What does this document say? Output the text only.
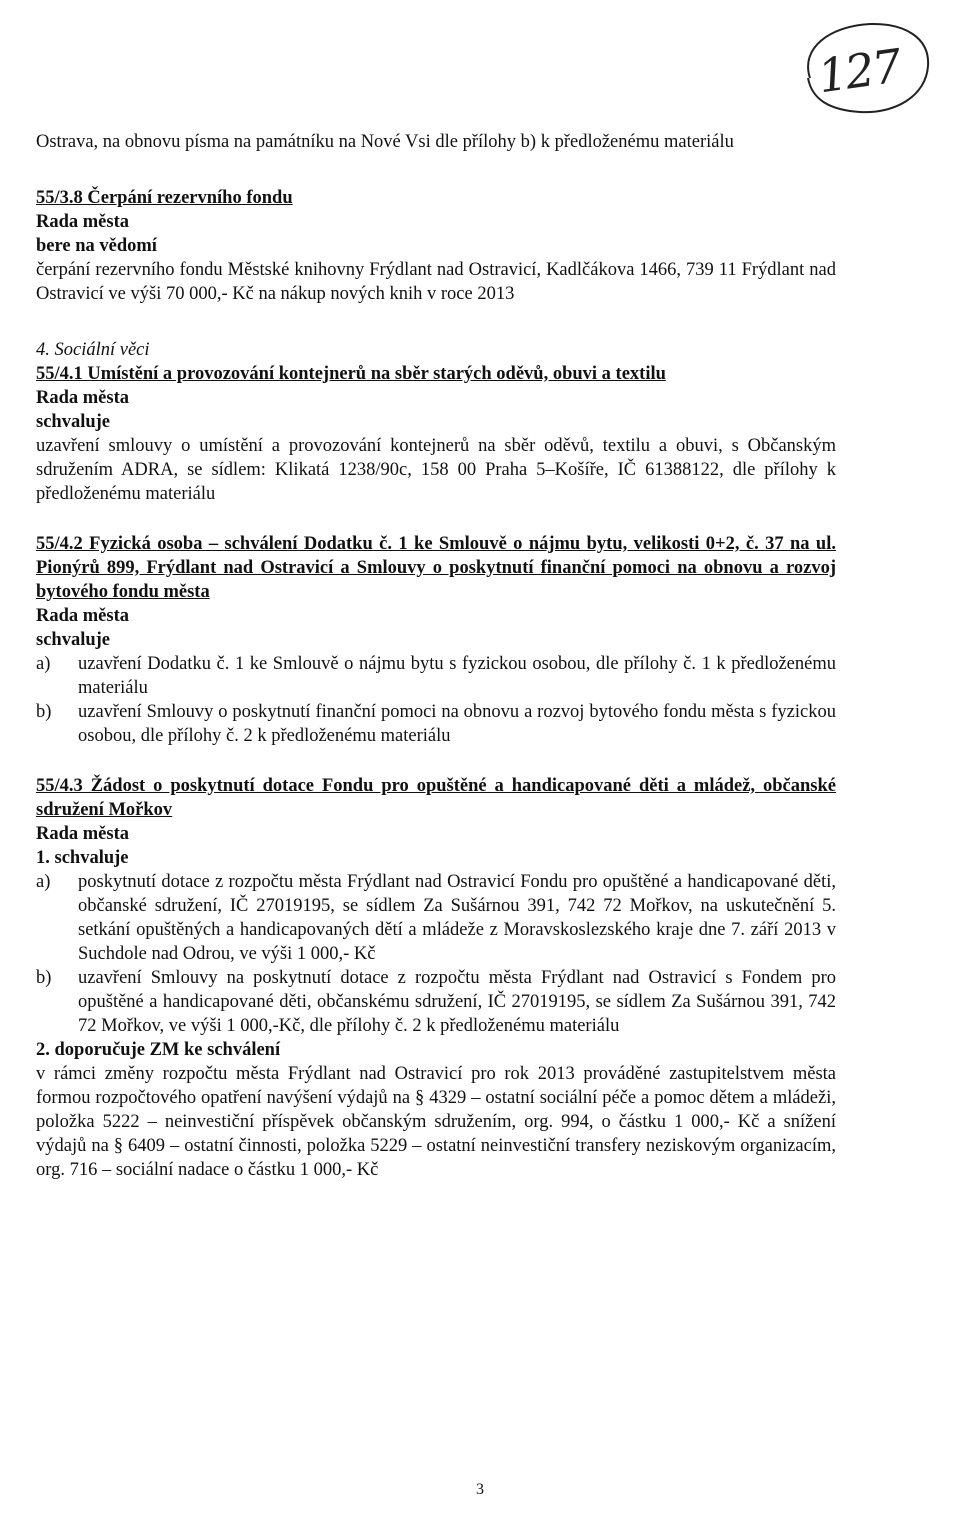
127

Ostrava, na obnovu písma na památníku na Nové Vsi dle přílohy b) k předloženému materiálu

55/3.8 Čerpání rezervního fondu

Rada města

bere na vědomí

čerpání rezervního fondu Městské knihovny Frýdlant nad Ostravicí, Kadlčákova 1466, 739 11 Frýdlant nad Ostravicí ve výši 70 000,- Kč na nákup nových knih v roce 2013

4. Sociální věci

55/4.1 Umístění a provozování kontejnerů na sběr starých oděvů, obuvi a textilu

Rada města

schvaluje

uzavření smlouvy o umístění a provozování kontejnerů na sběr oděvů, textilu a obuvi, s Občanským sdružením ADRA, se sídlem: Klikatá 1238/90c, 158 00 Praha 5–Košíře, IČ 61388122, dle přílohy k předloženému materiálu

55/4.2 Fyzická osoba – schválení Dodatku č. 1 ke Smlouvě o nájmu bytu, velikosti 0+2, č. 37 na ul. Pionýrů 899, Frýdlant nad Ostravicí a Smlouvy o poskytnutí finanční pomoci na obnovu a rozvoj bytového fondu města

Rada města

schvaluje

a)	uzavření Dodatku č. 1 ke Smlouvě o nájmu bytu s fyzickou osobou, dle přílohy č. 1 k předloženému materiálu
b)	uzavření Smlouvy o poskytnutí finanční pomoci na obnovu a rozvoj bytového fondu města s fyzickou osobou, dle přílohy č. 2 k předloženému materiálu

55/4.3 Žádost o poskytnutí dotace Fondu pro opuštěné a handicapované děti a mládež, občanské sdružení Mořkov

Rada města

1. schvaluje

a)	poskytnutí dotace z rozpočtu města Frýdlant nad Ostravicí Fondu pro opuštěné a handicapované děti, občanské sdružení, IČ 27019195, se sídlem Za Sušárnou 391, 742 72 Mořkov, na uskutečnění 5. setkání opuštěných a handicapovaných dětí a mládeže z Moravskoslezského kraje dne 7. září 2013 v Suchdole nad Odrou, ve výši 1 000,- Kč
b)	uzavření Smlouvy na poskytnutí dotace z rozpočtu města Frýdlant nad Ostravicí s Fondem pro opuštěné a handicapované děti, občanskému sdružení, IČ 27019195, se sídlem Za Sušárnou 391, 742 72 Mořkov, ve výši 1 000,-Kč, dle přílohy č. 2 k předloženému materiálu

2. doporučuje ZM ke schválení

v rámci změny rozpočtu města Frýdlant nad Ostravicí pro rok 2013 prováděné zastupitelstvem města formou rozpočtového opatření navýšení výdajů na § 4329 – ostatní sociální péče a pomoc dětem a mládeži, položka 5222 – neinvestiční příspěvek občanským sdružením, org. 994, o částku 1 000,- Kč a snížení výdajů na § 6409 – ostatní činnosti, položka 5229 – ostatní neinvestiční transfery neziskovým organizacím, org. 716 – sociální nadace o částku 1 000,- Kč

3
